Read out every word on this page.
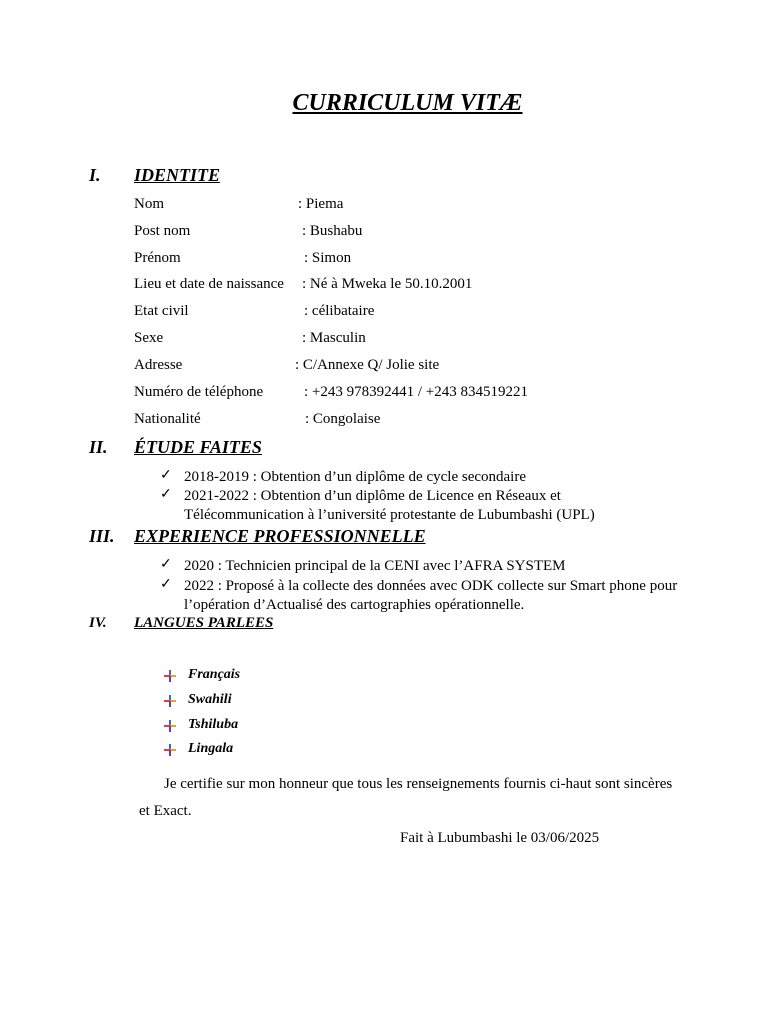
CURRICULUM VITÆ
I. IDENTITE
Nom	: Piema
Post nom	: Bushabu
Prénom	: Simon
Lieu et date de naissance : Né à Mweka le 50.10.2001
Etat civil	: célibataire
Sexe	: Masculin
Adresse	: C/Annexe Q/ Jolie site
Numéro de téléphone	: +243 978392441 / +243 834519221
Nationalité	: Congolaise
II. ÉTUDE FAITES
✓ 2018-2019 : Obtention d’un diplôme de cycle secondaire
✓ 2021-2022 : Obtention d’un diplôme de Licence en Réseaux et Télécommunication à l’université protestante de Lubumbashi (UPL)
III. EXPERIENCE PROFESSIONNELLE
✓ 2020 : Technicien principal de la CENI avec l’AFRA SYSTEM
✓ 2022 : Proposé à la collecte des données avec ODK collecte sur Smart phone pour l’opération d’Actualisé des cartographies opérationnelle.
IV. LANGUES PARLEES
Français
Swahili
Tshiluba
Lingala
Je certifie sur mon honneur que tous les renseignements fournis ci-haut sont sincères et Exact.
Fait à Lubumbashi le 03/06/2025
